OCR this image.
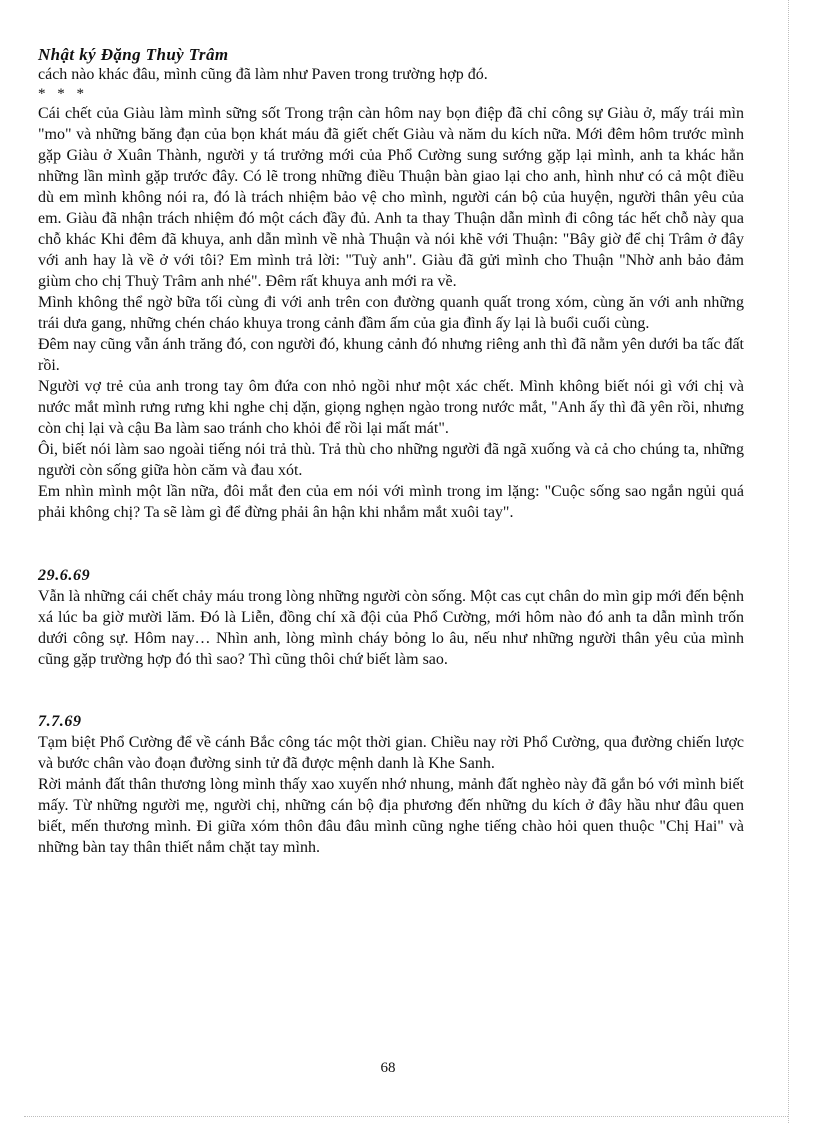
Nhật ký Đặng Thuỳ Trâm

cách nào khác đâu, mình cũng đã làm như Paven trong trường hợp đó.

* * *

Cái chết của Giàu làm mình sững sốt Trong trận càn hôm nay bọn điệp đã chỉ công sự Giàu ở, mấy trái mìn "mo" và những băng đạn của bọn khát máu đã giết chết Giàu và năm du kích nữa. Mới đêm hôm trước mình gặp Giàu ở Xuân Thành, người y tá trưởng mới của Phổ Cường sung sướng gặp lại mình, anh ta khác hẳn những lần mình gặp trước đây. Có lẽ trong những điều Thuận bàn giao lại cho anh, hình như có cả một điều dù em mình không nói ra, đó là trách nhiệm bảo vệ cho mình, người cán bộ của huyện, người thân yêu của em. Giàu đã nhận trách nhiệm đó một cách đầy đủ. Anh ta thay Thuận dẫn mình đi công tác hết chỗ này qua chỗ khác Khi đêm đã khuya, anh dẫn mình về nhà Thuận và nói khẽ với Thuận: "Bây giờ để chị Trâm ở đây với anh hay là về ở với tôi? Em mình trả lời: "Tuỳ anh". Giàu đã gửi mình cho Thuận "Nhờ anh bảo đảm giùm cho chị Thuỳ Trâm anh nhé". Đêm rất khuya anh mới ra về.

Mình không thể ngờ bữa tối cùng đi với anh trên con đường quanh quất trong xóm, cùng ăn với anh những trái dưa gang, những chén cháo khuya trong cảnh đầm ấm của gia đình ấy lại là buổi cuối cùng.

Đêm nay cũng vẫn ánh trăng đó, con người đó, khung cảnh đó nhưng riêng anh thì đã nằm yên dưới ba tấc đất rồi.

Người vợ trẻ của anh trong tay ôm đứa con nhỏ ngồi như một xác chết. Mình không biết nói gì với chị và nước mắt mình rưng rưng khi nghe chị dặn, giọng nghẹn ngào trong nước mắt, "Anh ấy thì đã yên rồi, nhưng còn chị lại và cậu Ba làm sao tránh cho khỏi để rồi lại mất mát".

Ôi, biết nói làm sao ngoài tiếng nói trả thù. Trả thù cho những người đã ngã xuống và cả cho chúng ta, những người còn sống giữa hòn căm và đau xót.

Em nhìn mình một lần nữa, đôi mắt đen của em nói với mình trong im lặng: "Cuộc sống sao ngắn ngủi quá phải không chị? Ta sẽ làm gì để đừng phải ân hận khi nhắm mắt xuôi tay".

29.6.69

Vẫn là những cái chết chảy máu trong lòng những người còn sống. Một cas cụt chân do mìn gip mới đến bệnh xá lúc ba giờ mười lăm. Đó là Liễn, đồng chí xã đội của Phổ Cường, mới hôm nào đó anh ta dẫn mình trốn dưới công sự. Hôm nay… Nhìn anh, lòng mình cháy bỏng lo âu, nếu như những người thân yêu của mình cũng gặp trường hợp đó thì sao? Thì cũng thôi chứ biết làm sao.

7.7.69

Tạm biệt Phổ Cường để về cánh Bắc công tác một thời gian. Chiều nay rời Phổ Cường, qua đường chiến lược và bước chân vào đoạn đường sinh tử đã được mệnh danh là Khe Sanh.

Rời mảnh đất thân thương lòng mình thấy xao xuyến nhớ nhung, mảnh đất nghèo này đã gắn bó với mình biết mấy. Từ những người mẹ, người chị, những cán bộ địa phương đến những du kích ở đây hầu như đâu quen biết, mến thương mình. Đi giữa xóm thôn đâu đâu mình cũng nghe tiếng chào hỏi quen thuộc "Chị Hai" và những bàn tay thân thiết nắm chặt tay mình.

68
